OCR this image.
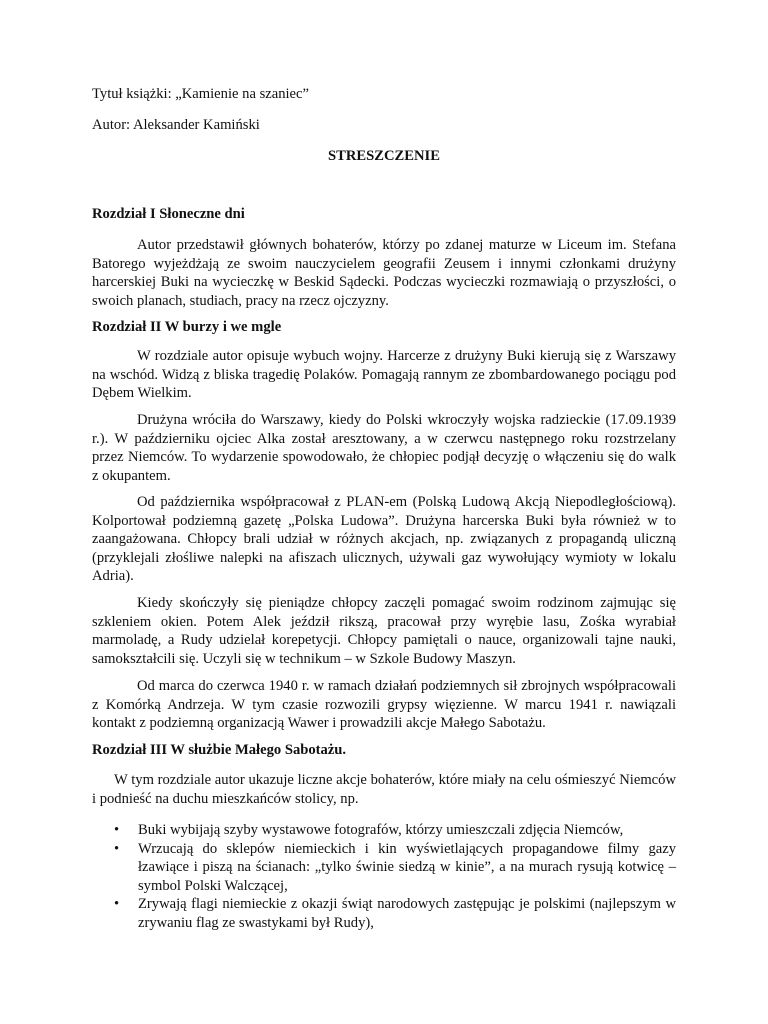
Tytuł książki: „Kamienie na szaniec”
Autor: Aleksander Kamiński
STRESZCZENIE
Rozdział I Słoneczne dni

Autor przedstawił głównych bohaterów, którzy po zdanej maturze w Liceum im. Stefana Batorego wyjeżdżają ze swoim nauczycielem geografii Zeusem i innymi członkami drużyny harcerskiej Buki na wycieczkę w Beskid Sądecki. Podczas wycieczki rozmawiają o przyszłości, o swoich planach, studiach, pracy na rzecz ojczyzny.

Rozdział II W burzy i we mgle

W rozdziale autor opisuje wybuch wojny. Harcerze z drużyny Buki kierują się z Warszawy na wschód. Widzą z bliska tragedię Polaków. Pomagają rannym ze zbombardowanego pociągu pod Dębem Wielkim.

Drużyna wróciła do Warszawy, kiedy do Polski wkroczyły wojska radzieckie (17.09.1939 r.). W październiku ojciec Alka został aresztowany, a w czerwcu następnego roku rozstrzelany przez Niemców. To wydarzenie spowodowało, że chłopiec podjął decyzję o włączeniu się do walk z okupantem.

Od października współpracował z PLAN-em (Polską Ludową Akcją Niepodległościową). Kolportował podziemną gazetę „Polska Ludowa”. Drużyna harcerska Buki była również w to zaangażowana. Chłopcy brali udział w różnych akcjach, np. związanych z propagandą uliczną (przyklejali złośliwe nalepki na afiszach ulicznych, używali gaz wywołujący wymioty w lokalu Adria).

Kiedy skończyły się pieniądze chłopcy zaczęli pomagać swoim rodzinom zajmując się szkleniem okien. Potem Alek jeździł rikszą, pracował przy wyrębie lasu, Zośka wyrabiał marmoladę, a Rudy udzielał korepetycji. Chłopcy pamiętali o nauce, organizowali tajne nauki, samokształcili się. Uczyli się w technikum – w Szkole Budowy Maszyn.

Od marca do czerwca 1940 r. w ramach działań podziemnych sił zbrojnych współpracowali z Komórką Andrzeja. W tym czasie rozwozili grypsy więzienne. W marcu 1941 r. nawiązali kontakt z podziemną organizacją Wawer i prowadzili akcje Małego Sabotażu.

Rozdział III W służbie Małego Sabotażu.

W tym rozdziale autor ukazuje liczne akcje bohaterów, które miały na celu ośmieszyć Niemców i podnieść na duchu mieszkańców stolicy, np.

• Buki wybijają szyby wystawowe fotografów, którzy umieszczali zdjęcia Niemców,
• Wrzucają do sklepów niemieckich i kin wyświetlających propagandowe filmy gazy łzawiące i piszą na ścianach: „tylko świnie siedzą w kinie”, a na murach rysują kotwicę – symbol Polski Walczącej,
• Zrywają flagi niemieckie z okazji świąt narodowych zastępując je polskimi (najlepszym w zrywaniu flag ze swastykami był Rudy),
